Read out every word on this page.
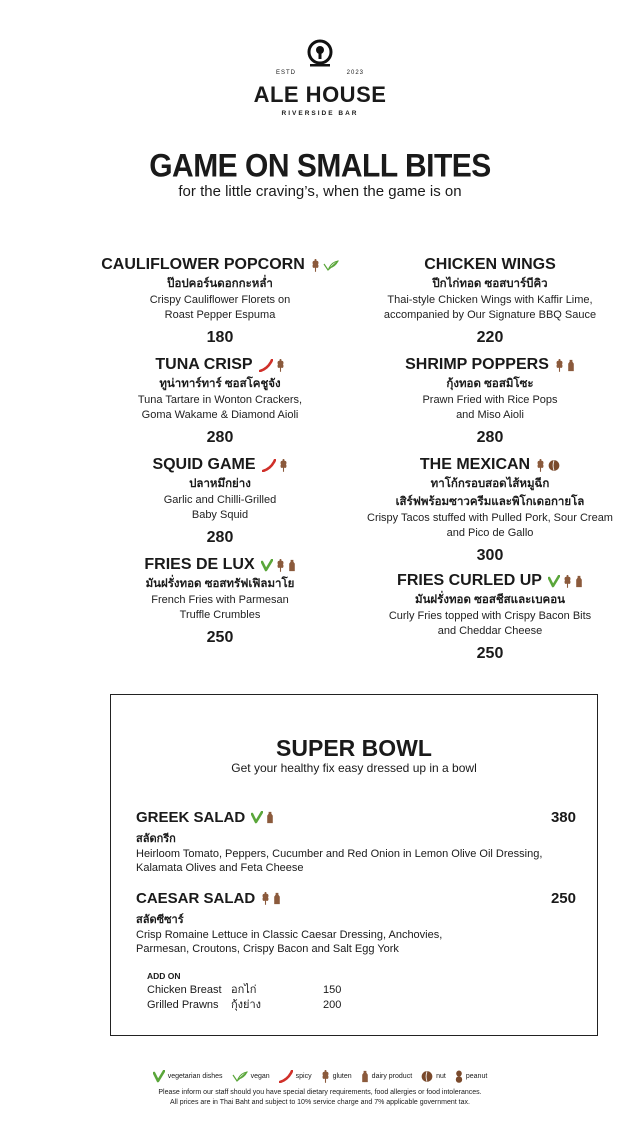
ESTD	2023
ALE HOUSE
RIVERSIDE BAR
GAME ON SMALL BITES
for the little craving’s, when the game is on
CAULIFLOWER POPCORN
ป๊อปคอร์นดอกกะหล่ำ
Crispy Cauliflower Florets on
Roast Pepper Espuma
180
TUNA CRISP
ทูน่าทาร์ทาร์ ซอสโคชูจัง
Tuna Tartare in Wonton Crackers,
Goma Wakame & Diamond Aioli
280
SQUID GAME
ปลาหมึกย่าง
Garlic and Chilli-Grilled
Baby Squid
280
FRIES DE LUX
มันฝรั่งทอด ซอสทรัฟเฟิลมาโย
French Fries with Parmesan
Truffle Crumbles
250
CHICKEN WINGS
ปีกไก่ทอด ซอสบาร์บีคิว
Thai-style Chicken Wings with Kaffir Lime,
accompanied by Our Signature BBQ Sauce
220
SHRIMP POPPERS
กุ้งทอด ซอสมิโซะ
Prawn Fried with Rice Pops
and Miso Aioli
280
THE MEXICAN
ทาโก้กรอบสอดไส้หมูฉีก
เสิร์ฟพร้อมซาวครีมและพิโกเดอกายโล
Crispy Tacos stuffed with Pulled Pork, Sour Cream
and Pico de Gallo
300
FRIES CURLED UP
มันฝรั่งทอด ซอสชีสและเบคอน
Curly Fries topped with Crispy Bacon Bits
and Cheddar Cheese
250
SUPER BOWL
Get your healthy fix easy dressed up in a bowl
GREEK SALAD	380
สลัดกรีก
Heirloom Tomato, Peppers, Cucumber and Red Onion in Lemon Olive Oil Dressing,
Kalamata Olives and Feta Cheese
CAESAR SALAD	250
สลัดซีซาร์
Crisp Romaine Lettuce in Classic Caesar Dressing, Anchovies,
Parmesan, Croutons, Crispy Bacon and Salt Egg York
ADD ON
Chicken Breast อกไก่	150
Grilled Prawns	กุ้งย่าง	200
vegetarian dishes	vegan	spicy	gluten	dairy product	nut	peanut
Please inform our staff should you have special dietary requirements, food allergies or food intolerances.
All prices are in Thai Baht and subject to 10% service charge and 7% applicable government tax.
